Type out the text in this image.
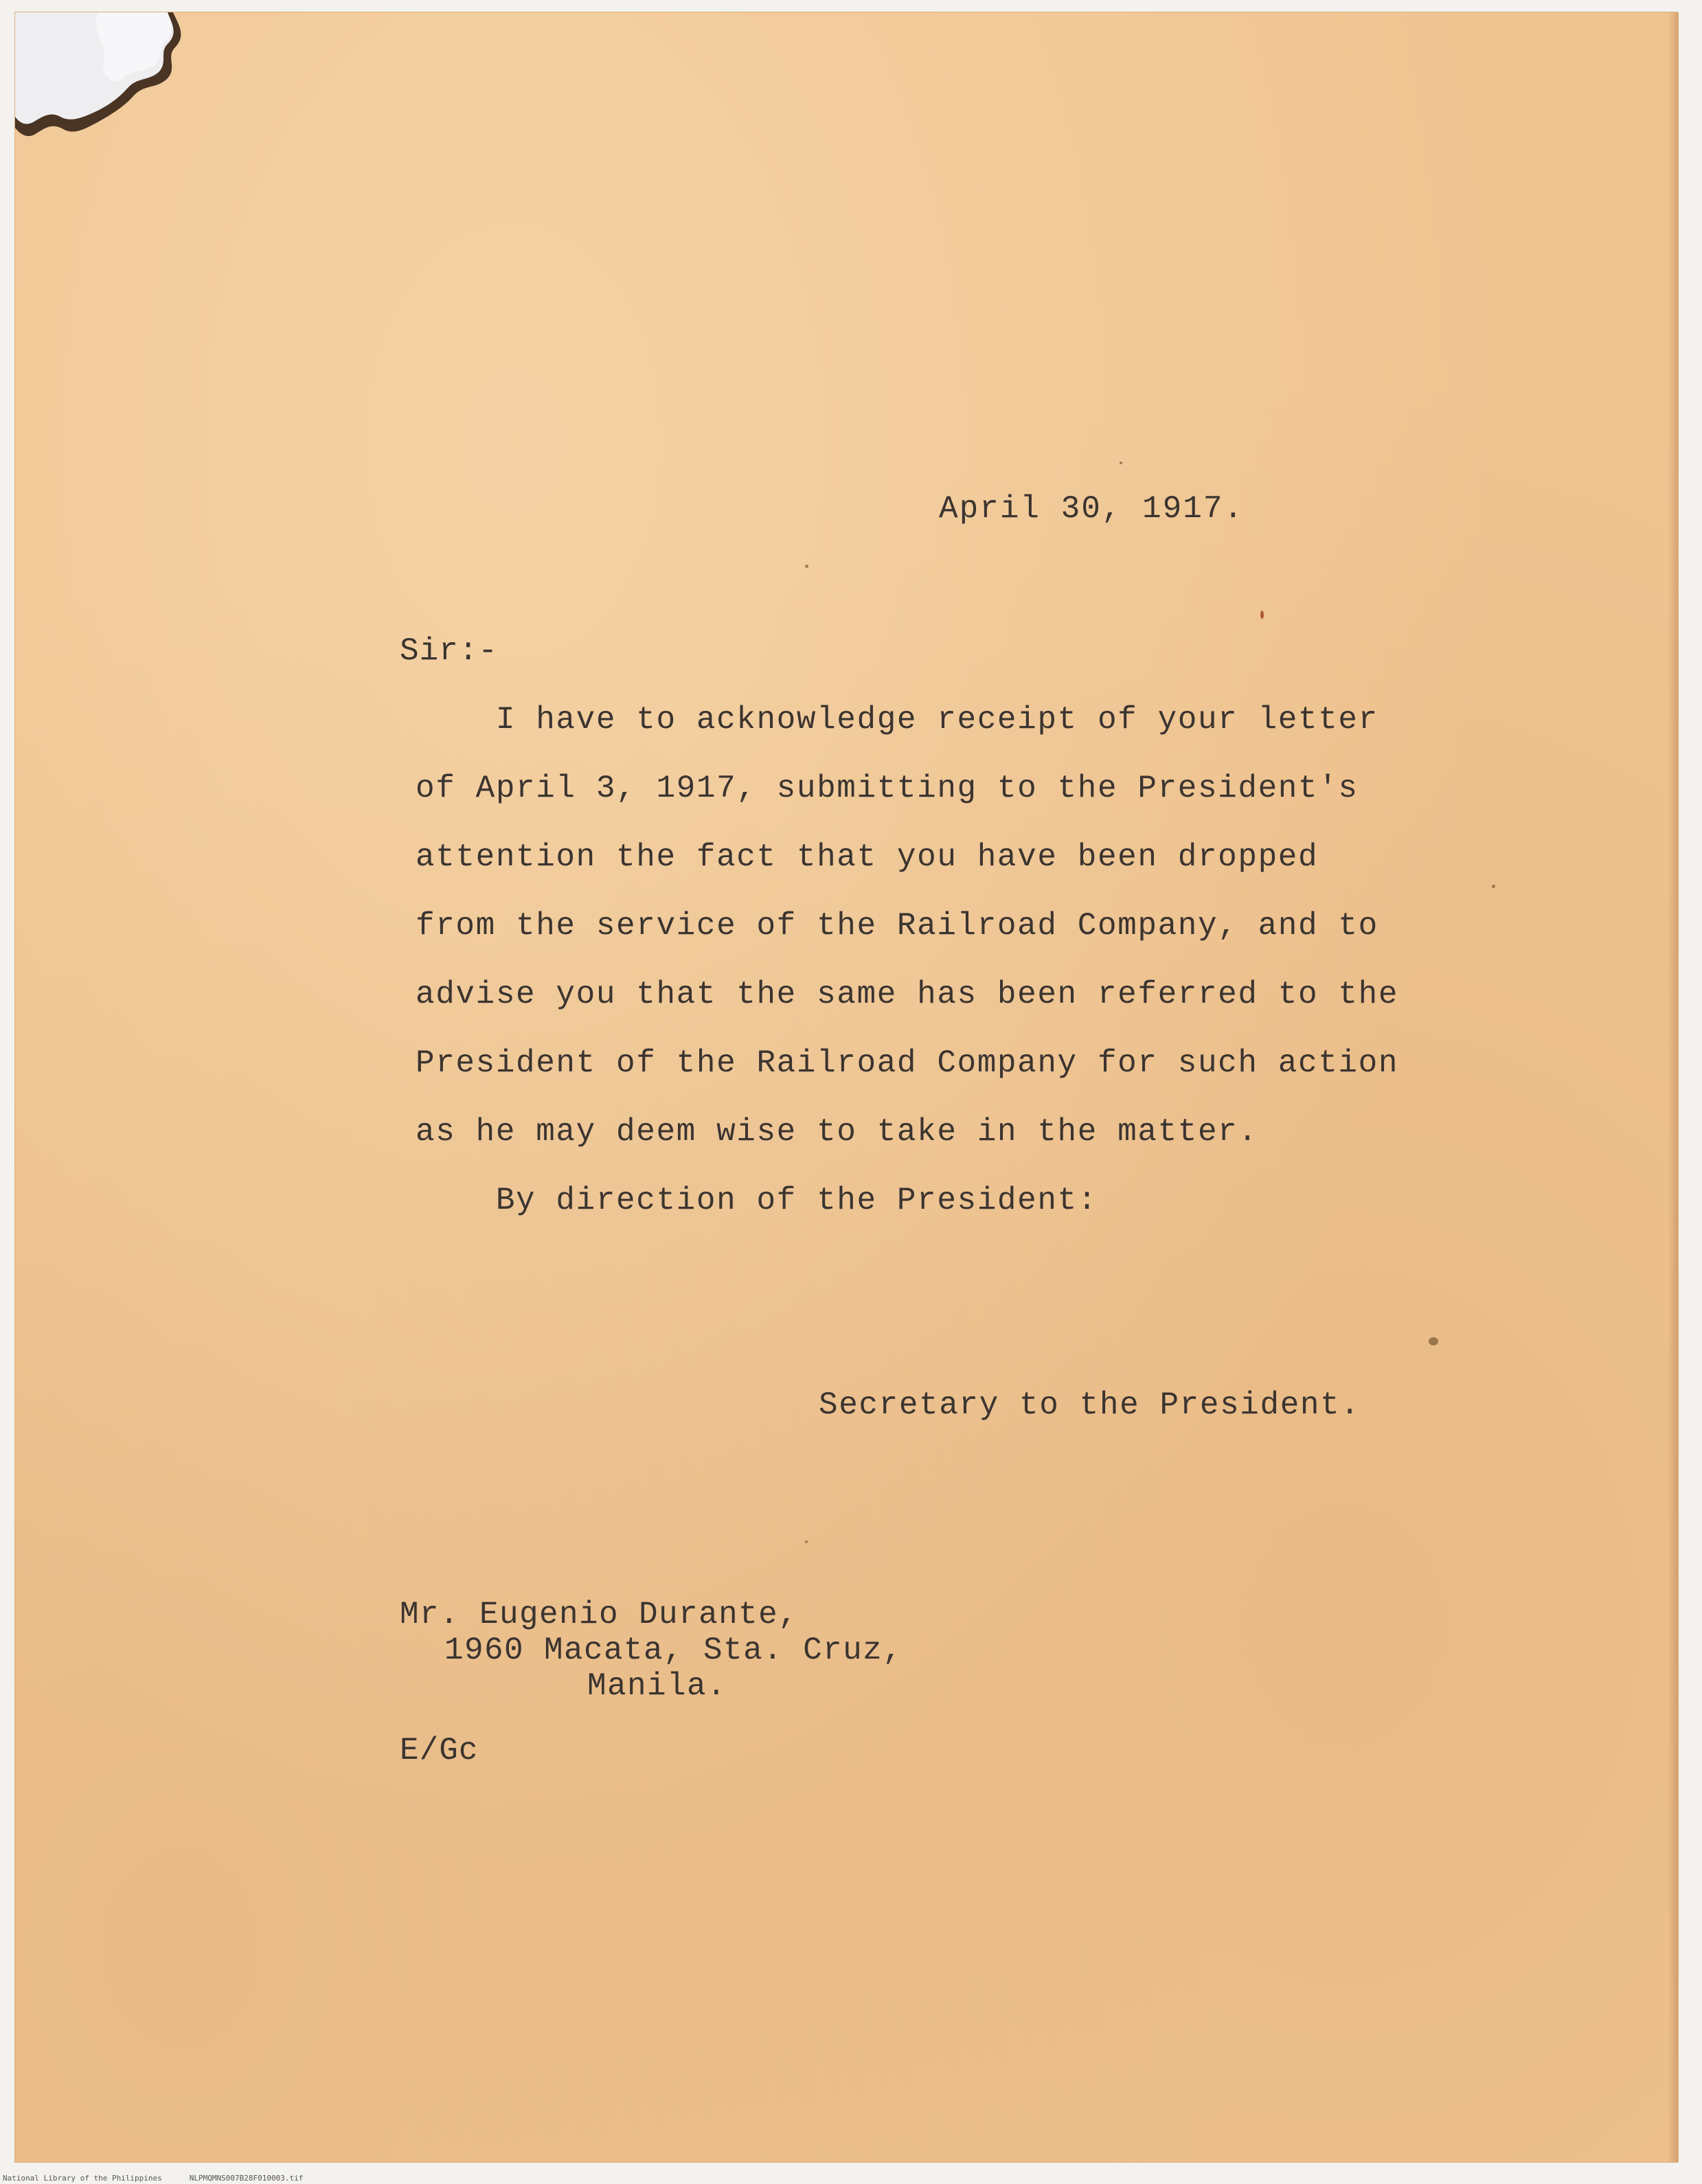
April 30, 1917.
Sir:-
I have to acknowledge receipt of your letter
of April 3, 1917, submitting to the President's
attention the fact that you have been dropped
from the service of the Railroad Company, and to
advise you that the same has been referred to the
President of the Railroad Company for such action
as he may deem wise to take in the matter.
By direction of the President:
Secretary to the President.
Mr. Eugenio Durante,
1960 Macata, Sta. Cruz,
Manila.
E/Gc
National Library of the Philippines	NLPMQMNS007B28F010003.tif
